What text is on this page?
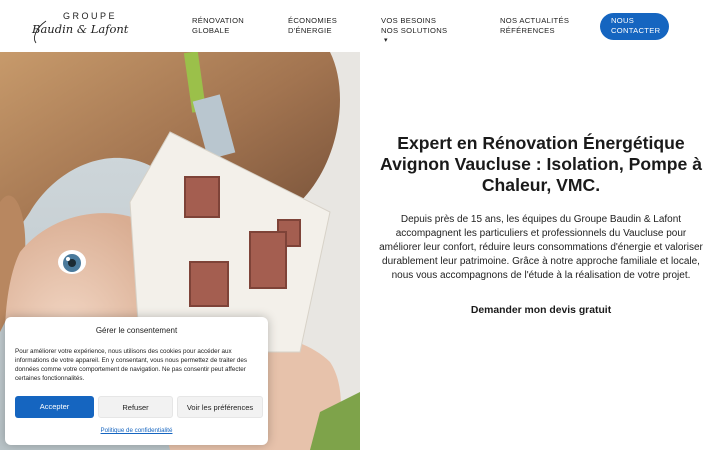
GROUPE
Baudin & Lafont
RÉNOVATION
GLOBALE
ÉCONOMIES
D'ÉNERGIE
VOS BESOINS
NOS SOLUTIONS
▾
NOS ACTUALITÉS
RÉFÉRENCES
NOUS
CONTACTER
Expert en Rénovation Énergétique Avignon Vaucluse : Isolation, Pompe à Chaleur, VMC.

Depuis près de 15 ans, les équipes du Groupe Baudin & Lafont accompagnent les particuliers et professionnels du Vaucluse pour améliorer leur confort, réduire leurs consommations d'énergie et valoriser durablement leur patrimoine. Grâce à notre approche familiale et locale, nous vous accompagnons de l'étude à la réalisation de votre projet.

Demander mon devis gratuit
Gérer le consentement
Pour améliorer votre expérience, nous utilisons des cookies pour accéder aux informations de votre appareil. En y consentant, vous nous permettez de traiter des données comme votre comportement de navigation. Ne pas consentir peut affecter certaines fonctionnalités.
Accepter	Refuser	Voir les préférences
Politique de confidentialité
